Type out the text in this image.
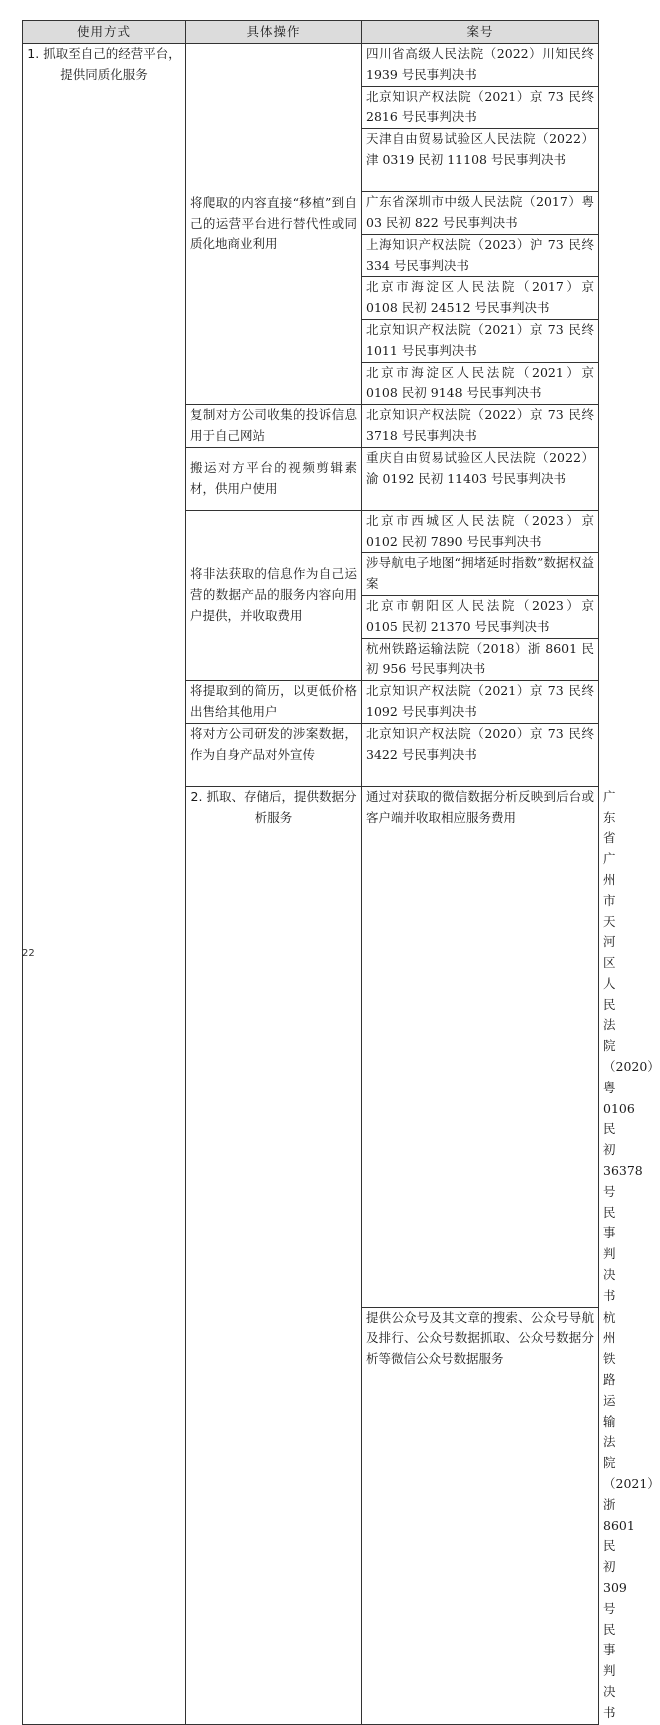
使用方式	具体操作	案号	
1. 抓取至自己的经营平台，提供同质化服务	将爬取的内容直接“移植”到自己的运营平台进行替代性或同质化地商业利用	四川省高级人民法院（2022）川知民终 1939 号民事判决书	
		北京知识产权法院（2021）京 73 民终 2816 号民事判决书	
		天津自由贸易试验区人民法院（2022）津 0319 民初 11108 号民事判决书	
		广东省深圳市中级人民法院（2017）粤 03 民初 822 号民事判决书	
		上海知识产权法院（2023）沪 73 民终 334 号民事判决书	
		北京市海淀区人民法院（2017）京 0108 民初 24512 号民事判决书	
		北京知识产权法院（2021）京 73 民终 1011 号民事判决书	
		北京市海淀区人民法院（2021）京 0108 民初 9148 号民事判决书	
	复制对方公司收集的投诉信息用于自己网站	北京知识产权法院（2022）京 73 民终 3718 号民事判决书	
	搬运对方平台的视频剪辑素材，供用户使用	重庆自由贸易试验区人民法院（2022）渝 0192 民初 11403 号民事判决书	
	将非法获取的信息作为自己运营的数据产品的服务内容向用户提供，并收取费用	北京市西城区人民法院（2023）京 0102 民初 7890 号民事判决书	
		涉导航电子地图“拥堵延时指数”数据权益案	
		北京市朝阳区人民法院（2023）京 0105 民初 21370 号民事判决书	
		杭州铁路运输法院（2018）浙 8601 民初 956 号民事判决书	
	将提取到的简历，以更低价格出售给其他用户	北京知识产权法院（2021）京 73 民终 1092 号民事判决书	
	将对方公司研发的涉案数据，作为自身产品对外宣传	北京知识产权法院（2020）京 73 民终 3422 号民事判决书	
	2. 抓取、存储后，提供数据分析服务	通过对获取的微信数据分析反映到后台或客户端并收取相应服务费用	广东省广州市天河区人民法院（2020）粤 0106 民初 36378 号民事判决书
		提供公众号及其文章的搜索、公众号导航及排行、公众号数据抓取、公众号数据分析等微信公众号数据服务	杭州铁路运输法院（2021）浙 8601 民初 309 号民事判决书
22
